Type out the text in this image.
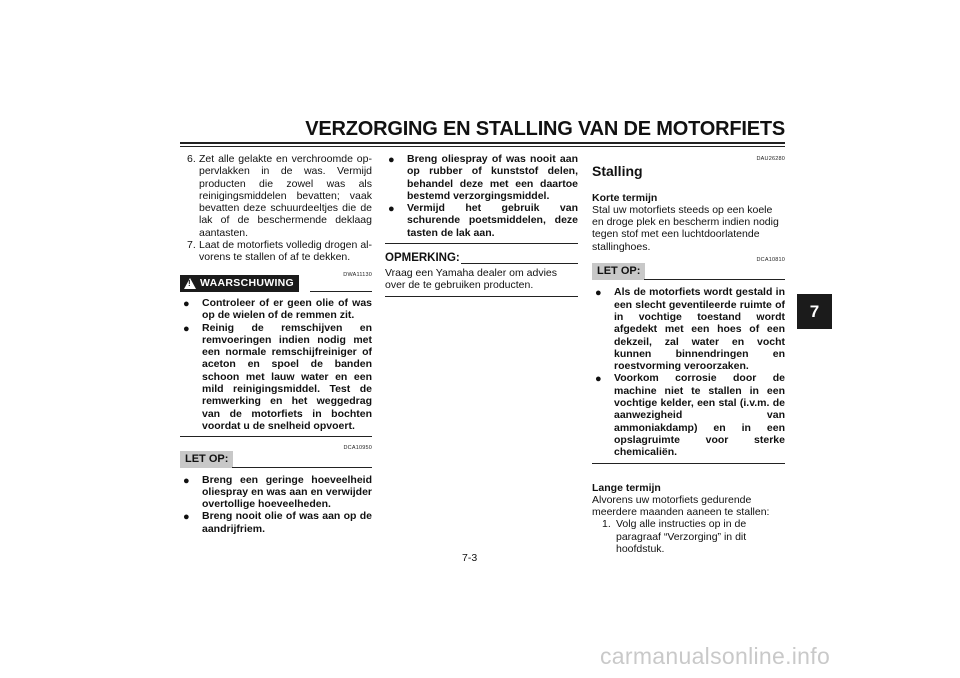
VERZORGING EN STALLING VAN DE MOTORFIETS
6. Zet alle gelakte en verchroomde oppervlakken in de was. Vermijd producten die zowel was als reinigingsmiddelen bevatten; vaak bevatten deze schuurdeeltjes die de lak of de beschermende deklaag aantasten.

7. Laat de motorfiets volledig drogen alvorens te stallen of af te dekken.

DWA11130
! WAARSCHUWING
● Controleer of er geen olie of was op de wielen of de remmen zit.

● Reinig de remschijven en remvoeringen indien nodig met een normale remschijfreiniger of aceton en spoel de banden schoon met lauw water en een mild reinigingsmiddel. Test de remwerking en het weggedrag van de motorfiets in bochten voordat u de snelheid opvoert.

DCA10950
LET OP:
● Breng een geringe hoeveelheid oliespray en was aan en verwijder overtollige hoeveelheden.

● Breng nooit olie of was aan op de aandrijfriem.

● Breng oliespray of was nooit aan op rubber of kunststof delen, behandel deze met een daartoe bestemd verzorgingsmiddel.

● Vermijd het gebruik van schurende poetsmiddelen, deze tasten de lak aan.

OPMERKING:

Vraag een Yamaha dealer om advies over de te gebruiken producten.

DAU26280
Stalling
Korte termijn

Stal uw motorfiets steeds op een koele en droge plek en bescherm indien nodig tegen stof met een luchtdoorlatende stallinghoes.

DCA10810
LET OP:
● Als de motorfiets wordt gestald in een slecht geventileerde ruimte of in vochtige toestand wordt afgedekt met een hoes of een dekzeil, zal water en vocht kunnen binnendringen en roestvorming veroorzaken.

● Voorkom corrosie door de machine niet te stallen in een vochtige kelder, een stal (i.v.m. de aanwezigheid van ammoniakdamp) en in een opslagruimte voor sterke chemicaliën.

Lange termijn

Alvorens uw motorfiets gedurende meerdere maanden aaneen te stallen:

1. Volg alle instructies op in de paragraaf “Verzorging” in dit hoofdstuk.

7
7-3
carmanualsonline.info
